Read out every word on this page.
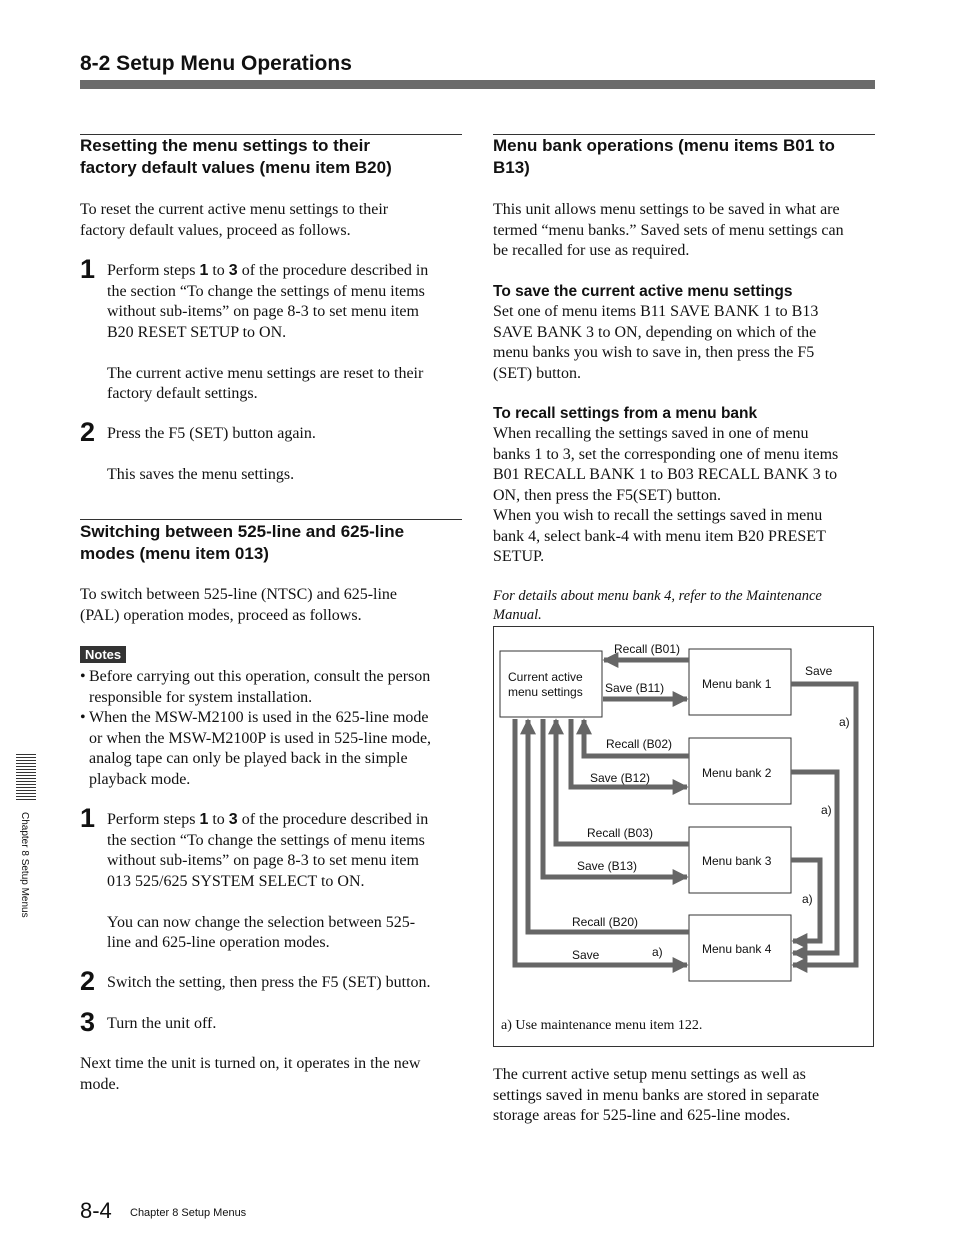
8-2 Setup Menu Operations
Resetting the menu settings to their
factory default values (menu item B20)
To reset the current active menu settings to their
factory default values, proceed as follows.
1 Perform steps 1 to 3 of the procedure described in
the section “To change the settings of menu items
without sub-items” on page 8-3 to set menu item
B20 RESET SETUP to ON.
The current active menu settings are reset to their
factory default settings.
2 Press the F5 (SET) button again.
This saves the menu settings.
Switching between 525-line and 625-line
modes (menu item 013)
To switch between 525-line (NTSC) and 625-line
(PAL) operation modes, proceed as follows.
Notes
• Before carrying out this operation, consult the person
responsible for system installation.
• When the MSW-M2100 is used in the 625-line mode
or when the MSW-M2100P is used in 525-line mode,
analog tape can only be played back in the simple
playback mode.
1 Perform steps 1 to 3 of the procedure described in
the section “To change the settings of menu items
without sub-items” on page 8-3 to set menu item
013 525/625 SYSTEM SELECT to ON.
You can now change the selection between 525-
line and 625-line operation modes.
2 Switch the setting, then press the F5 (SET) button.
3 Turn the unit off.
Next time the unit is turned on, it operates in the new
mode.
Menu bank operations (menu items B01 to
B13)
This unit allows menu settings to be saved in what are
termed “menu banks.” Saved sets of menu settings can
be recalled for use as required.
To save the current active menu settings
Set one of menu items B11 SAVE BANK 1 to B13
SAVE BANK 3 to ON, depending on which of the
menu banks you wish to save in, then press the F5
(SET) button.
To recall settings from a menu bank
When recalling the settings saved in one of menu
banks 1 to 3, set the corresponding one of menu items
B01 RECALL BANK 1 to B03 RECALL BANK 3 to
ON, then press the F5(SET) button.
When you wish to recall the settings saved in menu
bank 4, select bank-4 with menu item B20 PRESET
SETUP.
For details about menu bank 4, refer to the Maintenance
Manual.
Current active
menu settings
Menu bank 1
Menu bank 2
Menu bank 3
Menu bank 4
Recall (B01)
Save (B11)
Recall (B02)
Save (B12)
Recall (B03)
Save (B13)
Recall (B20)
Save
Save
a)
a)
a)
a)
a) Use maintenance menu item 122.
The current active setup menu settings as well as
settings saved in menu banks are stored in separate
storage areas for 525-line and 625-line modes.
Chapter 8 Setup Menus
8-4 Chapter 8 Setup Menus
